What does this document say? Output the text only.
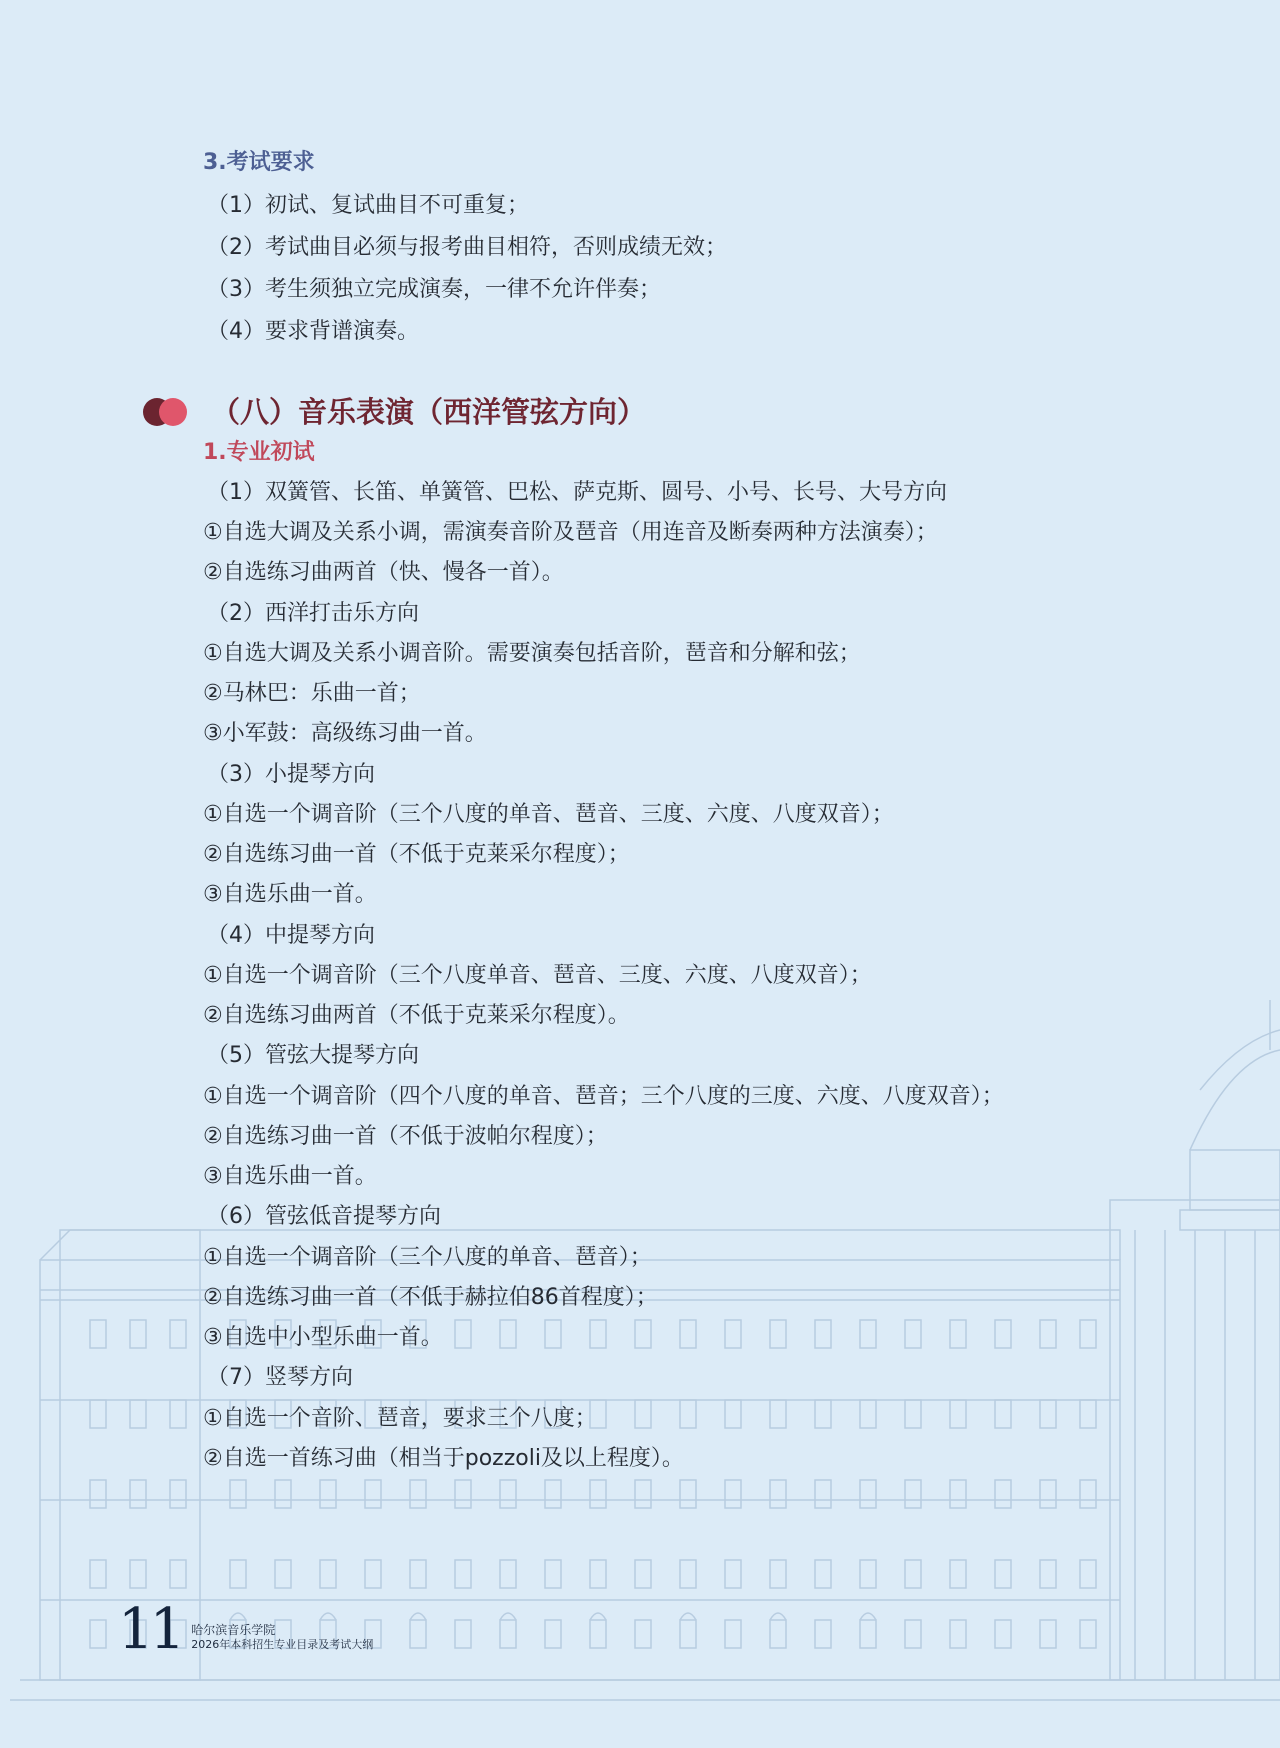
3.考试要求
（1）初试、复试曲目不可重复；
（2）考试曲目必须与报考曲目相符，否则成绩无效；
（3）考生须独立完成演奏，一律不允许伴奏；
（4）要求背谱演奏。
（八）音乐表演（西洋管弦方向）
1.专业初试
（1）双簧管、长笛、单簧管、巴松、萨克斯、圆号、小号、长号、大号方向
①自选大调及关系小调，需演奏音阶及琶音（用连音及断奏两种方法演奏）；
②自选练习曲两首（快、慢各一首）。
（2）西洋打击乐方向
①自选大调及关系小调音阶。需要演奏包括音阶，琶音和分解和弦；
②马林巴：乐曲一首；
③小军鼓：高级练习曲一首。
（3）小提琴方向
①自选一个调音阶（三个八度的单音、琶音、三度、六度、八度双音）；
②自选练习曲一首（不低于克莱采尔程度）；
③自选乐曲一首。
（4）中提琴方向
①自选一个调音阶（三个八度单音、琶音、三度、六度、八度双音）；
②自选练习曲两首（不低于克莱采尔程度）。
（5）管弦大提琴方向
①自选一个调音阶（四个八度的单音、琶音；三个八度的三度、六度、八度双音）；
②自选练习曲一首（不低于波帕尔程度）；
③自选乐曲一首。
（6）管弦低音提琴方向
①自选一个调音阶（三个八度的单音、琶音）；
②自选练习曲一首（不低于赫拉伯86首程度）；
③自选中小型乐曲一首。
（7）竖琴方向
①自选一个音阶、琶音，要求三个八度；
②自选一首练习曲（相当于pozzoli及以上程度）。
11 哈尔滨音乐学院
2026年本科招生专业目录及考试大纲
